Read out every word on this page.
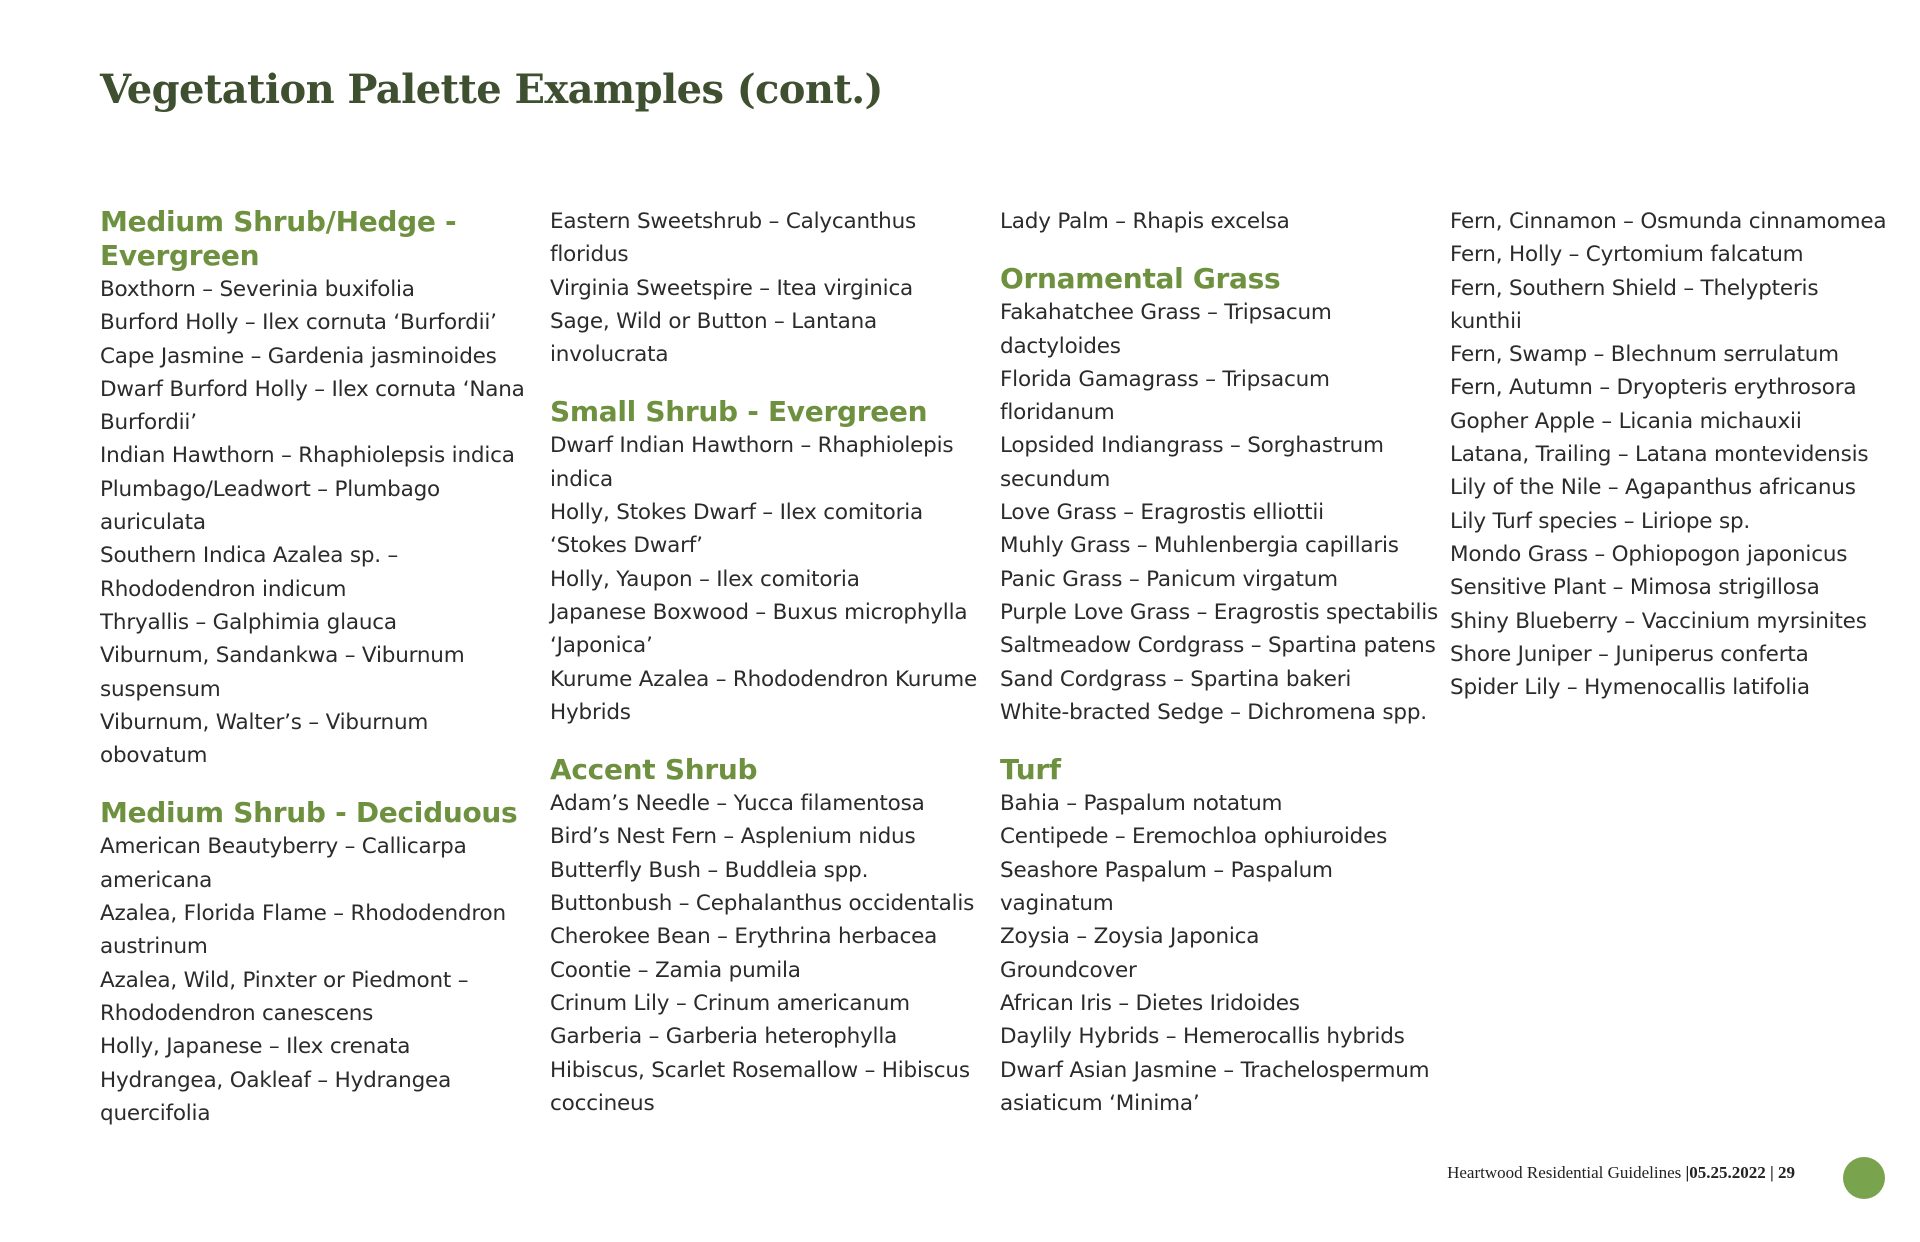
Vegetation Palette Examples (cont.)
Medium Shrub/Hedge -
Evergreen
Boxthorn – Severinia buxifolia
Burford Holly – Ilex cornuta ‘Burfordii’
Cape Jasmine – Gardenia jasminoides
Dwarf Burford Holly – Ilex cornuta ‘Nana
Burfordii’
Indian Hawthorn – Rhaphiolepsis indica
Plumbago/Leadwort – Plumbago
auriculata
Southern Indica Azalea sp. –
Rhododendron indicum
Thryallis – Galphimia glauca
Viburnum, Sandankwa – Viburnum
suspensum
Viburnum, Walter’s – Viburnum
obovatum
Medium Shrub - Deciduous
American Beautyberry – Callicarpa
americana
Azalea, Florida Flame – Rhododendron
austrinum
Azalea, Wild, Pinxter or Piedmont –
Rhododendron canescens
Holly, Japanese – Ilex crenata
Hydrangea, Oakleaf – Hydrangea
quercifolia
Eastern Sweetshrub – Calycanthus
floridus
Virginia Sweetspire – Itea virginica
Sage, Wild or Button – Lantana
involucrata
Small Shrub - Evergreen
Dwarf Indian Hawthorn – Rhaphiolepis
indica
Holly, Stokes Dwarf – Ilex comitoria
‘Stokes Dwarf’
Holly, Yaupon – Ilex comitoria
Japanese Boxwood – Buxus microphylla
‘Japonica’
Kurume Azalea – Rhododendron Kurume
Hybrids
Accent Shrub
Adam’s Needle – Yucca filamentosa
Bird’s Nest Fern – Asplenium nidus
Butterfly Bush – Buddleia spp.
Buttonbush – Cephalanthus occidentalis
Cherokee Bean – Erythrina herbacea
Coontie – Zamia pumila
Crinum Lily – Crinum americanum
Garberia – Garberia heterophylla
Hibiscus, Scarlet Rosemallow – Hibiscus
coccineus
Lady Palm – Rhapis excelsa
Ornamental Grass
Fakahatchee Grass – Tripsacum
dactyloides
Florida Gamagrass – Tripsacum
floridanum
Lopsided Indiangrass – Sorghastrum
secundum
Love Grass – Eragrostis elliottii
Muhly Grass – Muhlenbergia capillaris
Panic Grass – Panicum virgatum
Purple Love Grass – Eragrostis spectabilis
Saltmeadow Cordgrass – Spartina patens
Sand Cordgrass – Spartina bakeri
White-bracted Sedge – Dichromena spp.
Turf
Bahia – Paspalum notatum
Centipede – Eremochloa ophiuroides
Seashore Paspalum – Paspalum
vaginatum
Zoysia – Zoysia Japonica
Groundcover
African Iris – Dietes Iridoides
Daylily Hybrids – Hemerocallis hybrids
Dwarf Asian Jasmine – Trachelospermum
asiaticum ‘Minima’
Fern, Cinnamon – Osmunda cinnamomea
Fern, Holly – Cyrtomium falcatum
Fern, Southern Shield – Thelypteris
kunthii
Fern, Swamp – Blechnum serrulatum
Fern, Autumn – Dryopteris erythrosora
Gopher Apple – Licania michauxii
Latana, Trailing – Latana montevidensis
Lily of the Nile – Agapanthus africanus
Lily Turf species – Liriope sp.
Mondo Grass – Ophiopogon japonicus
Sensitive Plant – Mimosa strigillosa
Shiny Blueberry – Vaccinium myrsinites
Shore Juniper – Juniperus conferta
Spider Lily – Hymenocallis latifolia
Heartwood Residential Guidelines |05.25.2022 | 29
